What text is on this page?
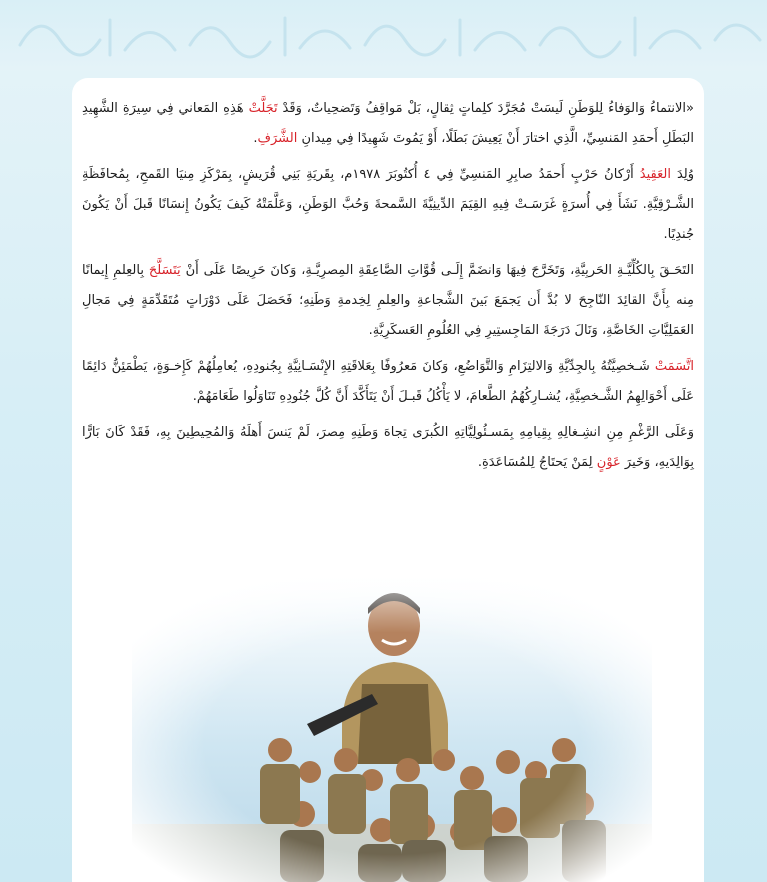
«الانتماءُ وَالوَفاءُ لِلوَطَنِ لَيسَتْ مُجَرَّدَ كلِماتٍ ثِقالٍ، بَلْ مَواقِفُ وَتَضحِياتٌ، وَقَدْ تَجَلَّتْ هَذِهِ المَعاني فِي سِيرَةِ الشَّهِيدِ البَطَلِ أَحمَدِ المَنسِيِّ، الَّذِي اختارَ أَنْ يَعِيشَ بَطَلًا، أَوْ يَمُوتَ شَهِيدًا فِي مِيدانِ الشَّرَفِ.

وُلِدَ العَقِيدُ أَرْكانُ حَرْبٍ أَحمَدُ صابِرِ المَنسِيِّ فِي ٤ أُكتُوبَرَ ١٩٧٨م، بِقَريَةِ بَنِي قُرَيشٍ، بِمَرْكَزِ مِنيَا القَمحِ، بِمُحافَظَةِ الشَّـرْقِيَّةِ. نَشَأَ فِي أُسرَةٍ غَرَسَـتْ فِيهِ القِيَمَ الدِّينِيَّةَ السَّمحةَ وَحُبَّ الوَطَنِ، وَعَلَّمَتْهُ كَيفَ يَكُونُ إِنسَانًا قَبلَ أَنْ يَكُونَ جُندِيًا.

التَحَـقَ بِالكُلِّيَّـةِ الحَربِيَّةِ، وَتَخَرَّجَ فِيهَا وَانضَمَّ إِلَـى قُوَّاتِ الصَّاعِقَةِ المِصرِيَّـةِ، وَكانَ حَرِيصًا عَلَى أَنْ يَتَسَلَّحَ بِالعِلمِ إِيمانًا مِنه بِأَنَّ القائِدَ النّاجِحَ لا بُدَّ أَن يَجمَعَ بَينَ الشَّجاعةِ والعِلمِ لِخِدمةِ وَطَنِهِ؛ فَحَصَلَ عَلَى دَوْرَاتٍ مُتَقَدِّمَةٍ فِي مَجالِ العَمَلِيَّاتِ الخَاصَّةِ، وَنَالَ دَرَجَةَ المَاجِستِيرِ فِي العُلُومِ العَسكَرِيَّةِ.

اتَّسَمَتْ شَـخصِيَّتُهُ بِالجِدِّيَّةِ وَالالتِزَامِ وَالتَّوَاضُعِ، وَكانَ مَعرُوفًا بِعَلاقَتِهِ الإِنْسَـانِيَّةِ بِجُنودِهِ، يُعامِلُهُمْ كَإِخـوَةٍ، يَطْمَئِنُّ دَائِمًا عَلَى أَحْوَالِهِمُ الشَّـخصِيَّةِ، يُشـارِكُهُمُ الطَّعامَ، لا يَأْكُلُ قَبـلَ أَنْ يَتَأَكَّدَ أَنَّ كُلَّ جُنُودِهِ تَنَاوَلُوا طَعَامَهُمْ.

وَعَلَى الرَّغْمِ مِنِ انشِـغالِهِ بِقِيامِهِ بِمَسـئُولِيَّاتِهِ الكُبرَى تِجاهَ وَطَنِهِ مِصرَ، لَمْ يَنسَ أَهلَهُ وَالمُحِيطِينَ بِهِ، فَقَدْ كَانَ بَارًّا بِوَالِدَيهِ، وَخَيرَ عَوْنٍ لِمَنْ يَحتَاجُ لِلمُسَاعَدَةِ.
